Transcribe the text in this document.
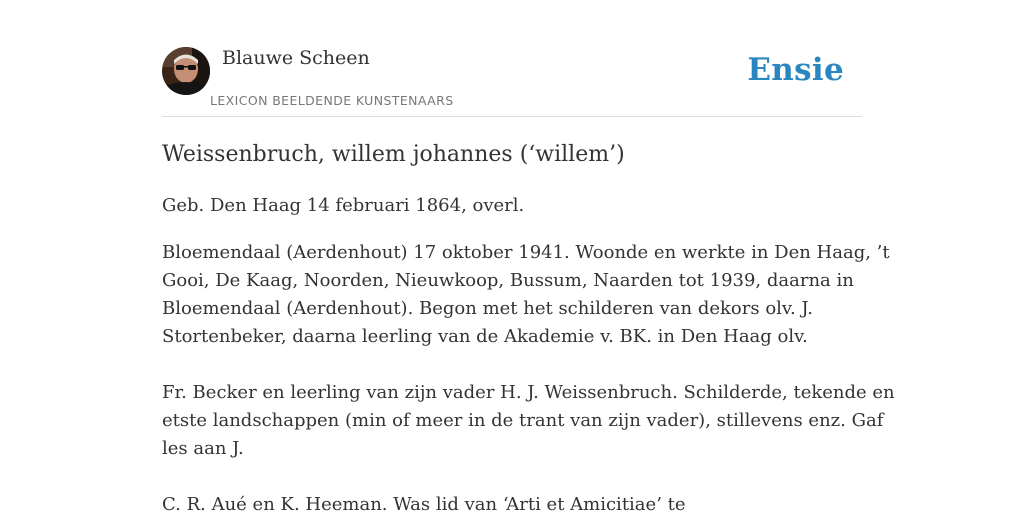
Blauwe Scheen
LEXICON BEELDENDE KUNSTENAARS
Ensie
Weissenbruch, willem johannes (‘willem’)

Geb. Den Haag 14 februari 1864, overl.

Bloemendaal (Aerdenhout) 17 oktober 1941. Woonde en werkte in Den Haag, ’t

Gooi, De Kaag, Noorden, Nieuwkoop, Bussum, Naarden tot 1939, daarna in

Bloemendaal (Aerdenhout). Begon met het schilderen van dekors olv. J.

Stortenbeker, daarna leerling van de Akademie v. BK. in Den Haag olv.

Fr. Becker en leerling van zijn vader H. J. Weissenbruch. Schilderde, tekende en

etste landschappen (min of meer in de trant van zijn vader), stillevens enz. Gaf

les aan J.

C. R. Aué en K. Heeman. Was lid van ‘Arti et Amicitiae’ te
